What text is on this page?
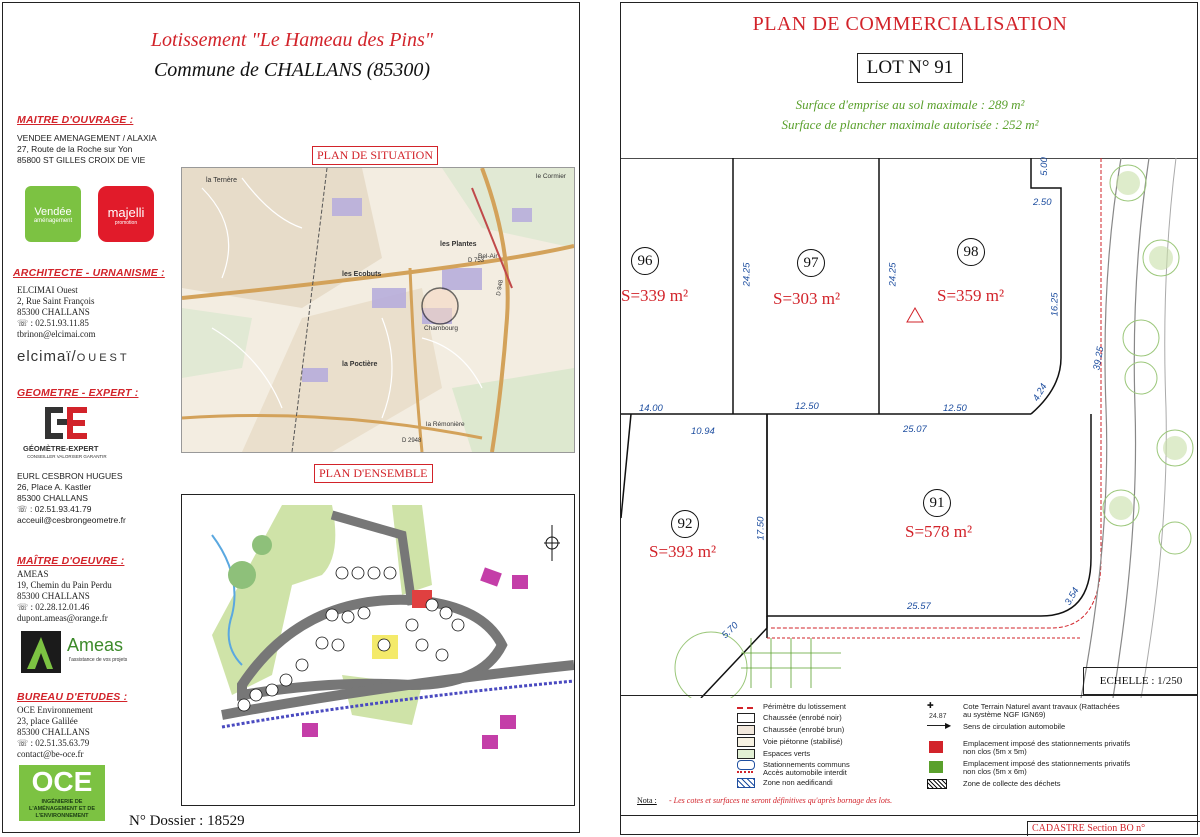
Lotissement "Le Hameau des Pins"
Commune de CHALLANS (85300)
MAITRE D'OUVRAGE :
VENDEE AMENAGEMENT / ALAXIA
27, Route de la Roche sur Yon
85800 ST GILLES CROIX DE VIE
Vendée
aménagement
majelli
promotion
ARCHITECTE - URNANISME :
ELCIMAI Ouest
2, Rue Saint François
85300 CHALLANS
☏ : 02.51.93.11.85
tbrinon@elcimai.com
elcimaï/OUEST
GEOMETRE - EXPERT :
GÉOMÈTRE-EXPERT
CONSEILLER VALORISER GARANTIR
EURL CESBRON HUGUES
26, Place A. Kastler
85300 CHALLANS
☏ : 02.51.93.41.79
acceuil@cesbrongeometre.fr
MAÎTRE D'OEUVRE :
AMEAS
19, Chemin du Pain Perdu
85300 CHALLANS
☏ : 02.28.12.01.46
dupont.ameas@orange.fr
Ameas
l'assistance de vos projets
BUREAU D'ETUDES :
OCE Environnement
23, place Galilée
85300 CHALLANS
☏ : 02.51.35.63.79
contact@be-oce.fr
OCE
INGÉNIERIE DE L'AMÉNAGEMENT ET DE L'ENVIRONNEMENT	N° Dossier : 18529
PLAN DE SITUATION
la Ternère
les Plantes
Bel-Air
les Ecobuts
Chambourg
la Poctière
la Rémonière
le Cormier
D 753
D 948
D 2948
PLAN D'ENSEMBLE
PLAN DE COMMERCIALISATION
LOT N° 91
Surface d'emprise au sol maximale : 289 m²
Surface de plancher maximale autorisée : 252 m²
96
S=339 m²
97
S=303 m²
98
S=359 m²
92
S=393 m²
91
S=578 m²
14.00	12.50	12.50
10.94	25.07
17.50
25.57
24.25	24.25
16.25
39.25
4.24
2.50
5.00
3.54
5.70
ECHELLE : 1/250
Périmètre du lotissement
Chaussée (enrobé noir)
Chaussée (enrobé brun)
Voie piétonne (stabilisé)
Espaces verts
Stationnements communs
Accès automobile interdit
Zone non aedificandi
✚
24.87
Cote Terrain Naturel avant travaux (Rattachées au système NGF IGN69)
▶ Sens de circulation automobile
Emplacement imposé des stationnements privatifs non clos (5m x 5m)
Emplacement imposé des stationnements privatifs non clos (5m x 6m)
Zone de collecte des déchets
Nota : - Les cotes et surfaces ne seront définitives qu'après bornage des lots.
CADASTRE Section BO n°
